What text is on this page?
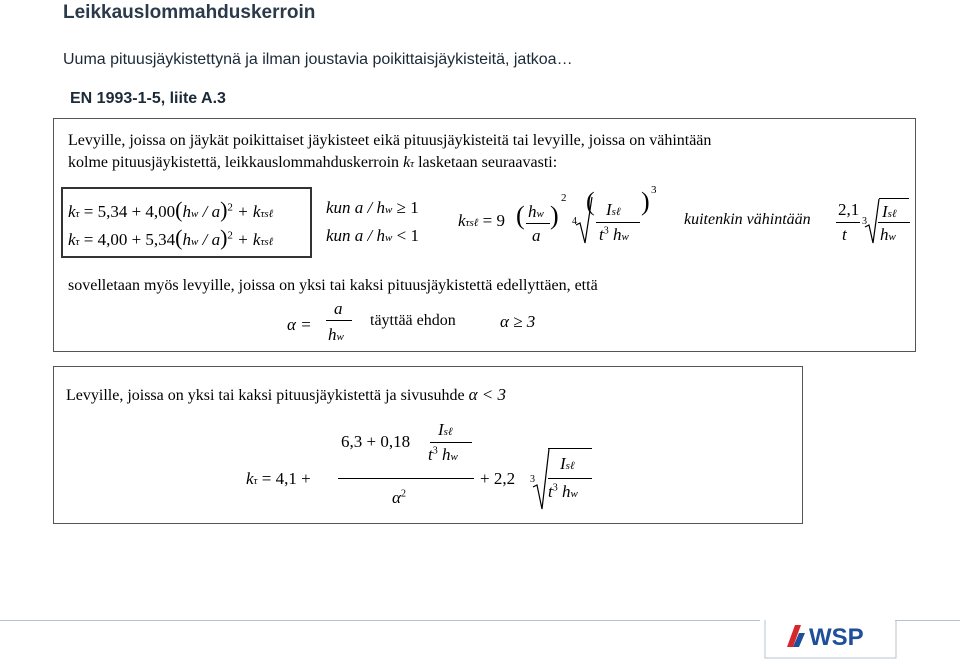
Leikkauslommahduskerroin
Uuma pituusjäykistettynä ja ilman joustavia poikittaisjäykisteitä, jatkoa…
EN 1993-1-5, liite A.3
Levyille, joissa on jäykät poikittaiset jäykisteet eikä pituusjäykisteitä tai levyille, joissa on vähintään
kolme pituusjäykistettä, leikkauslommahduskerroin kτ lasketaan seuraavasti:
kτ = 5,34 + 4,00(hw / a)$^2$ + kτsℓ	kun a / hw ≥ 1
kτ = 4,00 + 5,34(hw / a)$^2$ + kτsℓ	kun a / hw < 1
kτsℓ = 9 ( hw
a
)
2
4
( Isℓ
$t^3$ hw
) 3
kuitenkin vähintään
2,1
t
3
Isℓ
hw
sovelletaan myös levyille, joissa on yksi tai kaksi pituusjäykistettä edellyttäen, että
α =
a
hw
täyttää ehdon	α ≥ 3
Levyille, joissa on yksi tai kaksi pituusjäykistettä ja sivusuhde α < 3
kτ = 4,1 +
6,3 + 0,18
Isℓ
$t^3$ hw
$\alpha^2$
+ 2,2 3
Isℓ
$t^3$ hw
WSP
